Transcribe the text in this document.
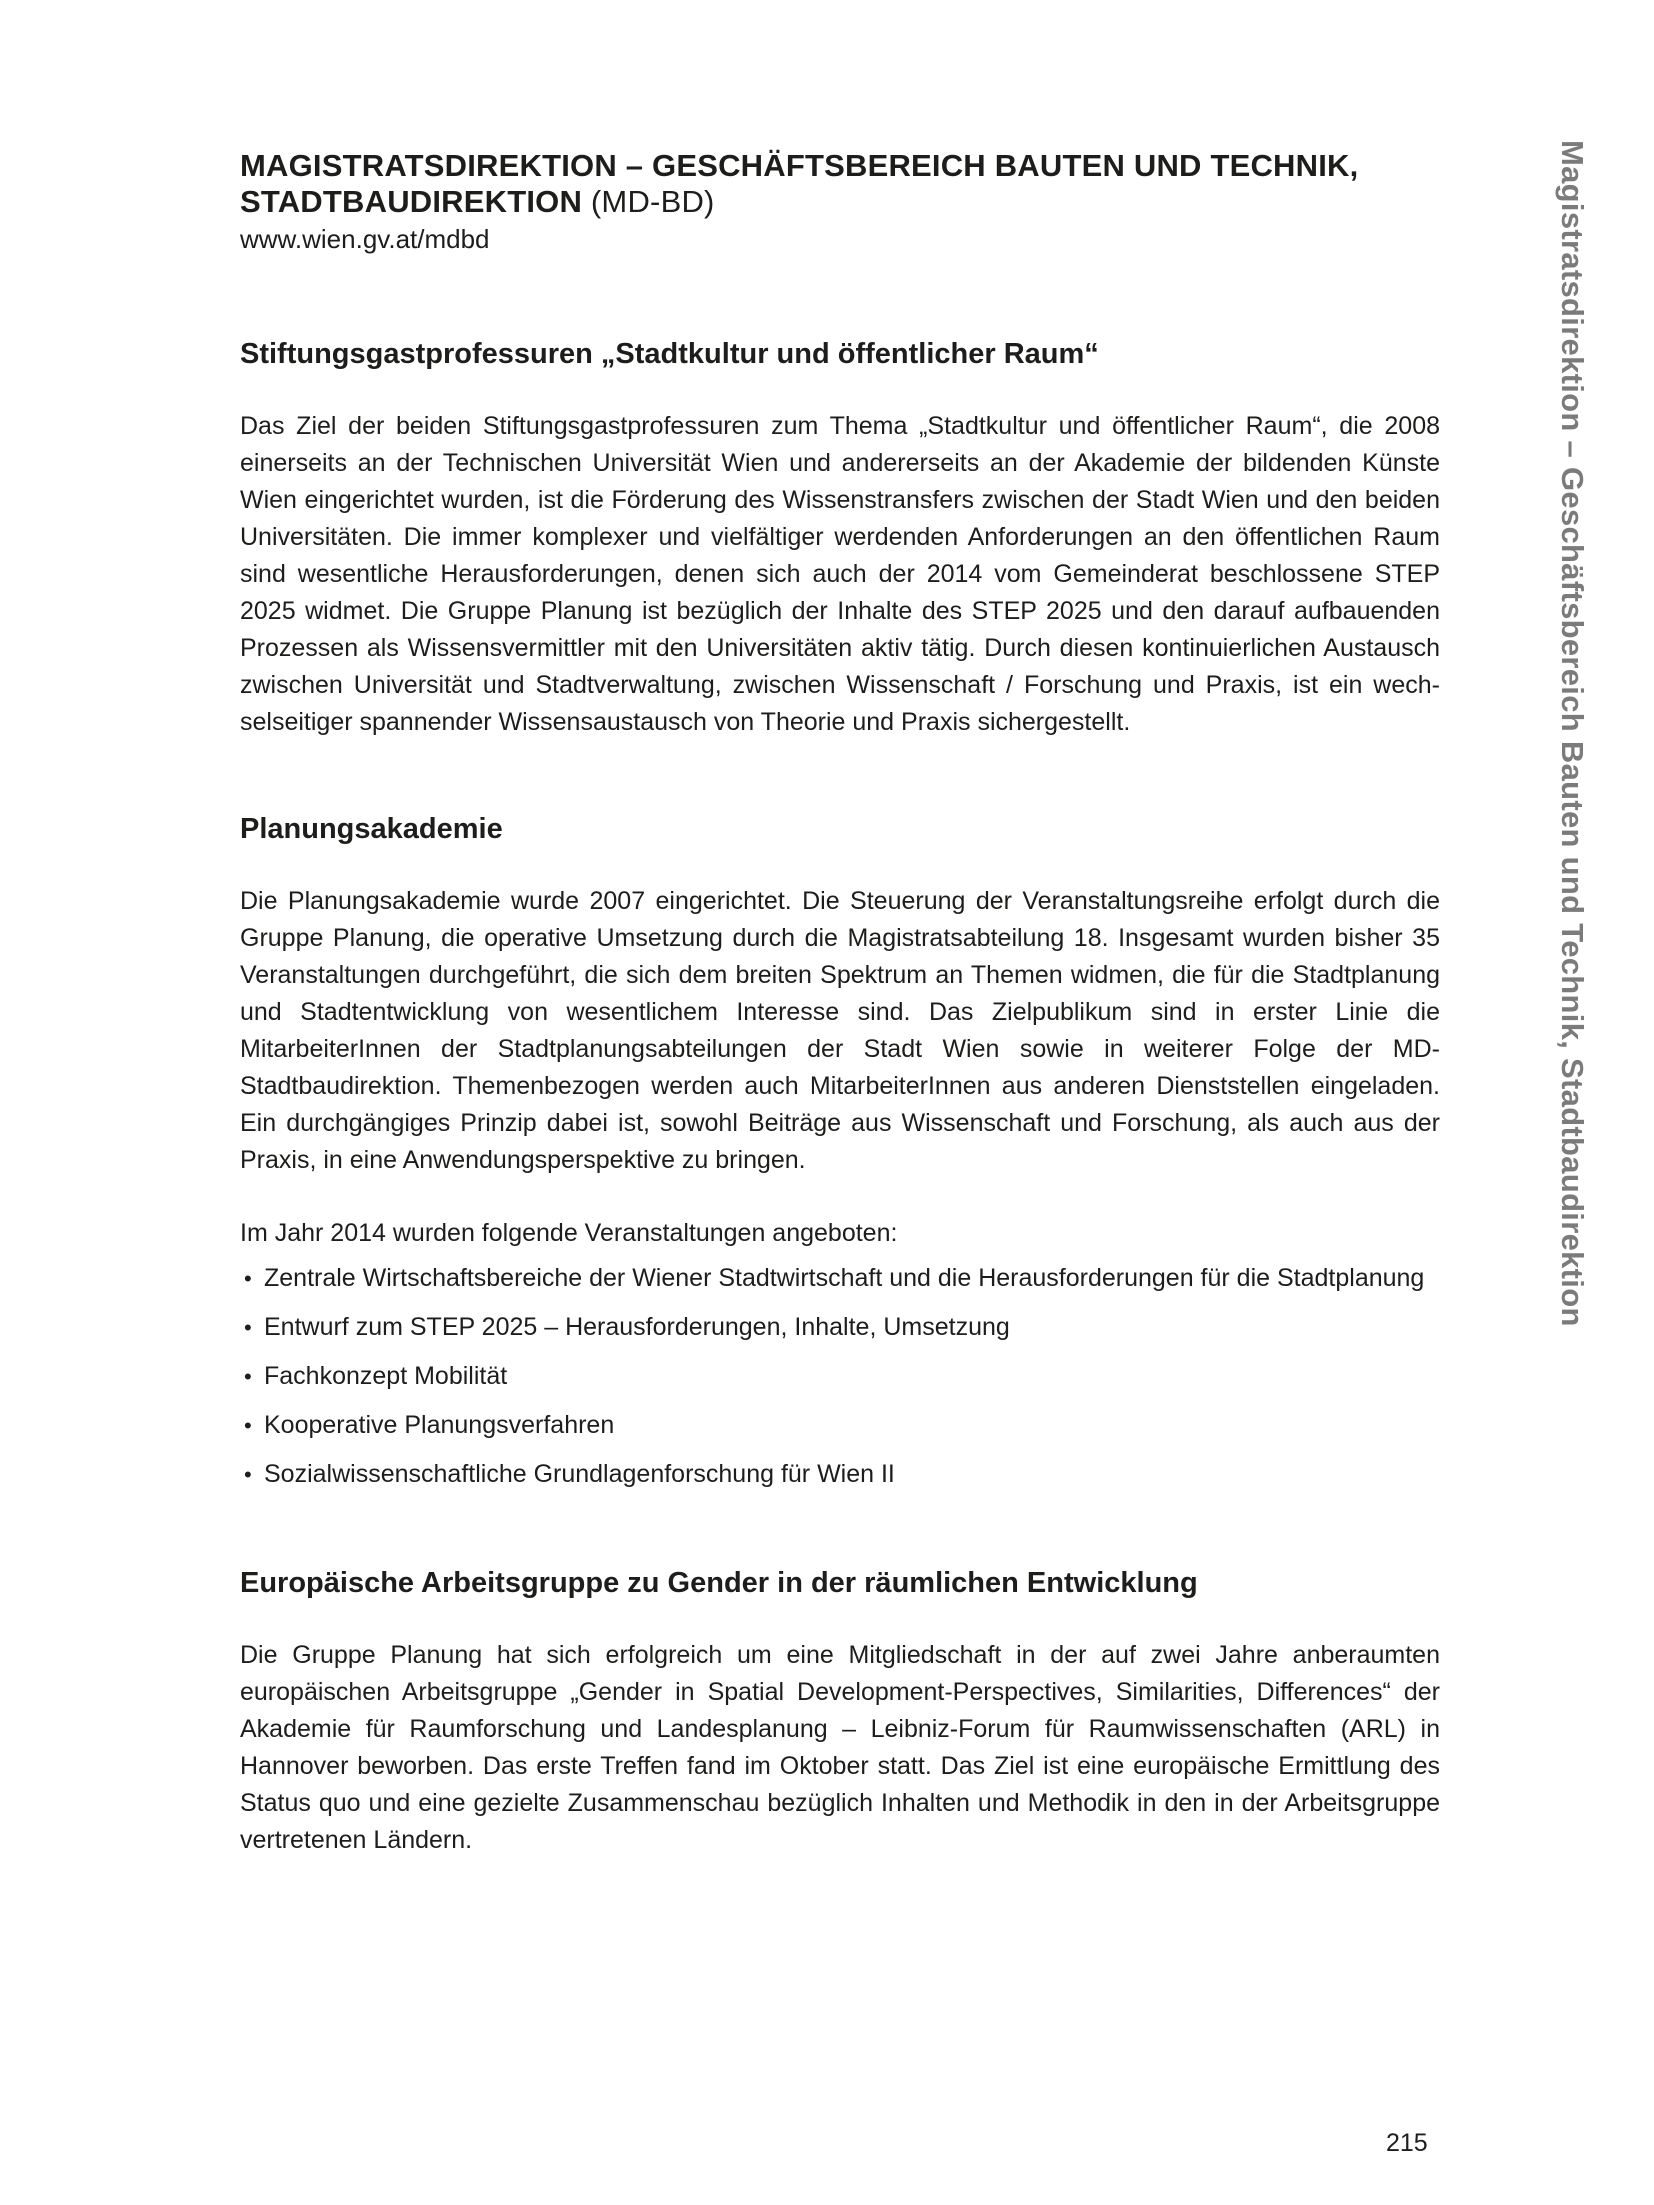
Magistratsdirektion – Geschäftsbereich Bauten und Technik, Stadtbaudirektion

MAGISTRATSDIREKTION – GESCHÄFTSBEREICH BAUTEN UND TECHNIK,
STADTBAUDIREKTION (MD-BD)

www.wien.gv.at/mdbd

Stiftungsgastprofessuren „Stadtkultur und öffentlicher Raum“

Das Ziel der beiden Stiftungsgastprofessuren zum Thema „Stadtkultur und öffentlicher Raum“, die 2008 einerseits an der Technischen Universität Wien und andererseits an der Akademie der bildenden Künste Wien eingerichtet wurden, ist die Förderung des Wissenstransfers zwischen der Stadt Wien und den beiden Universitäten. Die immer komplexer und vielfältiger werdenden Anforderungen an den öffentlichen Raum sind wesentliche Herausforderungen, denen sich auch der 2014 vom Gemeinderat beschlossene STEP 2025 widmet. Die Gruppe Planung ist bezüglich der Inhalte des STEP 2025 und den darauf aufbauenden Prozessen als Wissensvermittler mit den Universitäten aktiv tätig. Durch diesen kontinuierlichen Austausch zwischen Universität und Stadtverwaltung, zwischen Wissenschaft / Forschung und Praxis, ist ein wechselseitiger spannender Wissensaustausch von Theorie und Praxis sichergestellt.

Planungsakademie

Die Planungsakademie wurde 2007 eingerichtet. Die Steuerung der Veranstaltungsreihe erfolgt durch die Gruppe Planung, die operative Umsetzung durch die Magistratsabteilung 18. Insgesamt wurden bisher 35 Veranstaltungen durchgeführt, die sich dem breiten Spektrum an Themen widmen, die für die Stadtplanung und Stadtentwicklung von wesentlichem Interesse sind. Das Zielpublikum sind in erster Linie die MitarbeiterInnen der Stadtplanungsabteilungen der Stadt Wien sowie in weiterer Folge der MD-Stadtbaudirektion. Themenbezogen werden auch MitarbeiterInnen aus anderen Dienststellen eingeladen. Ein durchgängiges Prinzip dabei ist, sowohl Beiträge aus Wissenschaft und Forschung, als auch aus der Praxis, in eine Anwendungsperspektive zu bringen.

Im Jahr 2014 wurden folgende Veranstaltungen angeboten:

• Zentrale Wirtschaftsbereiche der Wiener Stadtwirtschaft und die Herausforderungen für die Stadtplanung
• Entwurf zum STEP 2025 – Herausforderungen, Inhalte, Umsetzung
• Fachkonzept Mobilität
• Kooperative Planungsverfahren
• Sozialwissenschaftliche Grundlagenforschung für Wien II
Europäische Arbeitsgruppe zu Gender in der räumlichen Entwicklung

Die Gruppe Planung hat sich erfolgreich um eine Mitgliedschaft in der auf zwei Jahre anberaumten europäischen Arbeitsgruppe „Gender in Spatial Development-Perspectives, Similarities, Differences“ der Akademie für Raumforschung und Landesplanung – Leibniz-Forum für Raumwissenschaften (ARL) in Hannover beworben. Das erste Treffen fand im Oktober statt. Das Ziel ist eine europäische Ermittlung des Status quo und eine gezielte Zusammenschau bezüglich Inhalten und Methodik in den in der Arbeitsgruppe vertretenen Ländern.

215
